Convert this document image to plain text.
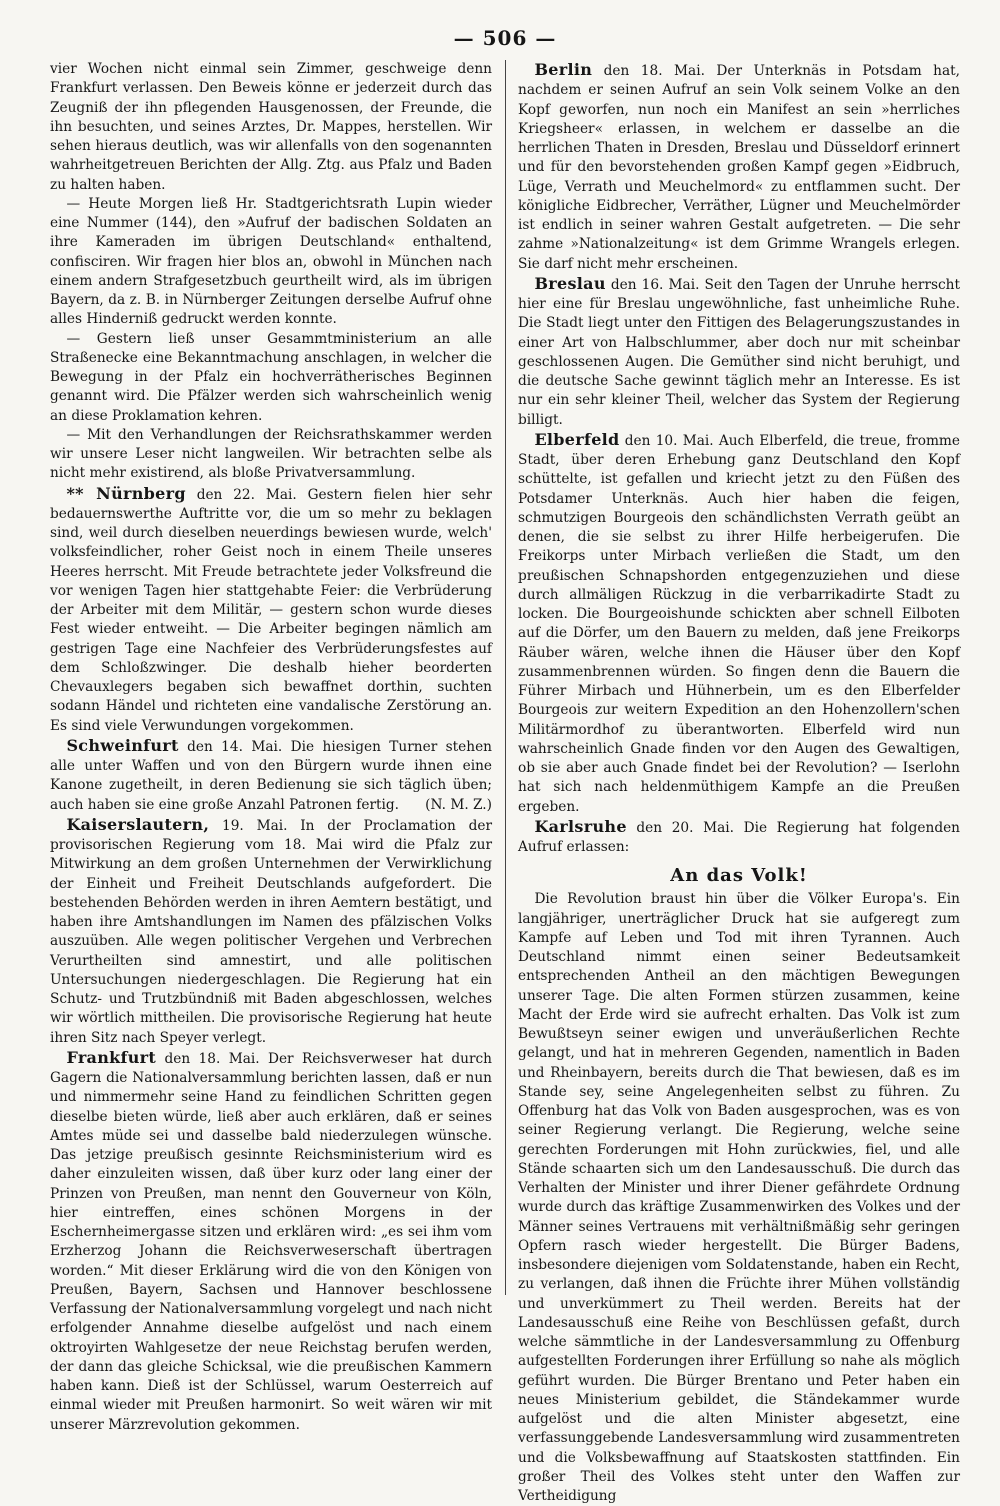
— 506 —

vier Wochen nicht einmal sein Zimmer, geschweige denn Frankfurt verlassen. Den Beweis könne er jederzeit durch das Zeugniß der ihn pflegenden Hausgenossen, der Freunde, die ihn besuchten, und seines Arztes, Dr. Mappes, herstellen. Wir sehen hieraus deutlich, was wir allenfalls von den sogenannten wahrheitgetreuen Berichten der Allg. Ztg. aus Pfalz und Baden zu halten haben.

— Heute Morgen ließ Hr. Stadtgerichtsrath Lupin wieder eine Nummer (144), den »Aufruf der badischen Soldaten an ihre Kameraden im übrigen Deutschland« enthaltend, confisciren. Wir fragen hier blos an, obwohl in München nach einem andern Strafgesetzbuch geurtheilt wird, als im übrigen Bayern, da z. B. in Nürnberger Zeitungen derselbe Aufruf ohne alles Hinderniß gedruckt werden konnte.

— Gestern ließ unser Gesammtministerium an alle Straßenecke eine Bekanntmachung anschlagen, in welcher die Bewegung in der Pfalz ein hochverrätherisches Beginnen genannt wird. Die Pfälzer werden sich wahrscheinlich wenig an diese Proklamation kehren.

— Mit den Verhandlungen der Reichsrathskammer werden wir unsere Leser nicht langweilen. Wir betrachten selbe als nicht mehr existirend, als bloße Privatversammlung.

** Nürnberg den 22. Mai. Gestern fielen hier sehr bedauernswerthe Auftritte vor, die um so mehr zu beklagen sind, weil durch dieselben neuerdings bewiesen wurde, welch' volksfeindlicher, roher Geist noch in einem Theile unseres Heeres herrscht. Mit Freude betrachtete jeder Volksfreund die vor wenigen Tagen hier stattgehabte Feier: die Verbrüderung der Arbeiter mit dem Militär, — gestern schon wurde dieses Fest wieder entweiht. — Die Arbeiter begingen nämlich am gestrigen Tage eine Nachfeier des Verbrüderungsfestes auf dem Schloßzwinger. Die deshalb hieher beorderten Chevauxlegers begaben sich bewaffnet dorthin, suchten sodann Händel und richteten eine vandalische Zerstörung an. Es sind viele Verwundungen vorgekommen.

Schweinfurt den 14. Mai. Die hiesigen Turner stehen alle unter Waffen und von den Bürgern wurde ihnen eine Kanone zugetheilt, in deren Bedienung sie sich täglich üben; auch haben sie eine große Anzahl Patronen fertig.	(N. M. Z.)

Kaiserslautern, 19. Mai. In der Proclamation der provisorischen Regierung vom 18. Mai wird die Pfalz zur Mitwirkung an dem großen Unternehmen der Verwirklichung der Einheit und Freiheit Deutschlands aufgefordert. Die bestehenden Behörden werden in ihren Aemtern bestätigt, und haben ihre Amtshandlungen im Namen des pfälzischen Volks auszuüben. Alle wegen politischer Vergehen und Verbrechen Verurtheilten sind amnestirt, und alle politischen Untersuchungen niedergeschlagen. Die Regierung hat ein Schutz- und Trutzbündniß mit Baden abgeschlossen, welches wir wörtlich mittheilen. Die provisorische Regierung hat heute ihren Sitz nach Speyer verlegt.

Frankfurt den 18. Mai. Der Reichsverweser hat durch Gagern die Nationalversammlung berichten lassen, daß er nun und nimmermehr seine Hand zu feindlichen Schritten gegen dieselbe bieten würde, ließ aber auch erklären, daß er seines Amtes müde sei und dasselbe bald niederzulegen wünsche. Das jetzige preußisch gesinnte Reichsministerium wird es daher einzuleiten wissen, daß über kurz oder lang einer der Prinzen von Preußen, man nennt den Gouverneur von Köln, hier eintreffen, eines schönen Morgens in der Eschernheimergasse sitzen und erklären wird: „es sei ihm vom Erzherzog Johann die Reichsverweserschaft übertragen worden.“ Mit dieser Erklärung wird die von den Königen von Preußen, Bayern, Sachsen und Hannover beschlossene Verfassung der Nationalversammlung vorgelegt und nach nicht erfolgender Annahme dieselbe aufgelöst und nach einem oktroyirten Wahlgesetze der neue Reichstag berufen werden, der dann das gleiche Schicksal, wie die preußischen Kammern haben kann. Dieß ist der Schlüssel, warum Oesterreich auf einmal wieder mit Preußen harmonirt. So weit wären wir mit unserer Märzrevolution gekommen.

Berlin den 18. Mai. Der Unterknäs in Potsdam hat, nachdem er seinen Aufruf an sein Volk seinem Volke an den Kopf geworfen, nun noch ein Manifest an sein »herrliches Kriegsheer« erlassen, in welchem er dasselbe an die herrlichen Thaten in Dresden, Breslau und Düsseldorf erinnert und für den bevorstehenden großen Kampf gegen »Eidbruch, Lüge, Verrath und Meuchelmord« zu entflammen sucht. Der königliche Eidbrecher, Verräther, Lügner und Meuchelmörder ist endlich in seiner wahren Gestalt aufgetreten. — Die sehr zahme »Nationalzeitung« ist dem Grimme Wrangels erlegen. Sie darf nicht mehr erscheinen.

Breslau den 16. Mai. Seit den Tagen der Unruhe herrscht hier eine für Breslau ungewöhnliche, fast unheimliche Ruhe. Die Stadt liegt unter den Fittigen des Belagerungszustandes in einer Art von Halbschlummer, aber doch nur mit scheinbar geschlossenen Augen. Die Gemüther sind nicht beruhigt, und die deutsche Sache gewinnt täglich mehr an Interesse. Es ist nur ein sehr kleiner Theil, welcher das System der Regierung billigt.

Elberfeld den 10. Mai. Auch Elberfeld, die treue, fromme Stadt, über deren Erhebung ganz Deutschland den Kopf schüttelte, ist gefallen und kriecht jetzt zu den Füßen des Potsdamer Unterknäs. Auch hier haben die feigen, schmutzigen Bourgeois den schändlichsten Verrath geübt an denen, die sie selbst zu ihrer Hilfe herbeigerufen. Die Freikorps unter Mirbach verließen die Stadt, um den preußischen Schnapshorden entgegenzuziehen und diese durch allmäligen Rückzug in die verbarrikadirte Stadt zu locken. Die Bourgeoishunde schickten aber schnell Eilboten auf die Dörfer, um den Bauern zu melden, daß jene Freikorps Räuber wären, welche ihnen die Häuser über den Kopf zusammenbrennen würden. So fingen denn die Bauern die Führer Mirbach und Hühnerbein, um es den Elberfelder Bourgeois zur weitern Expedition an den Hohenzollern'schen Militärmordhof zu überantworten. Elberfeld wird nun wahrscheinlich Gnade finden vor den Augen des Gewaltigen, ob sie aber auch Gnade findet bei der Revolution? — Iserlohn hat sich nach heldenmüthigem Kampfe an die Preußen ergeben.

Karlsruhe den 20. Mai. Die Regierung hat folgenden Aufruf erlassen:

An das Volk!

Die Revolution braust hin über die Völker Europa's. Ein langjähriger, unerträglicher Druck hat sie aufgeregt zum Kampfe auf Leben und Tod mit ihren Tyrannen. Auch Deutschland nimmt einen seiner Bedeutsamkeit entsprechenden Antheil an den mächtigen Bewegungen unserer Tage. Die alten Formen stürzen zusammen, keine Macht der Erde wird sie aufrecht erhalten. Das Volk ist zum Bewußtseyn seiner ewigen und unveräußerlichen Rechte gelangt, und hat in mehreren Gegenden, namentlich in Baden und Rheinbayern, bereits durch die That bewiesen, daß es im Stande sey, seine Angelegenheiten selbst zu führen. Zu Offenburg hat das Volk von Baden ausgesprochen, was es von seiner Regierung verlangt. Die Regierung, welche seine gerechten Forderungen mit Hohn zurückwies, fiel, und alle Stände schaarten sich um den Landesausschuß. Die durch das Verhalten der Minister und ihrer Diener gefährdete Ordnung wurde durch das kräftige Zusammenwirken des Volkes und der Männer seines Vertrauens mit verhältnißmäßig sehr geringen Opfern rasch wieder hergestellt. Die Bürger Badens, insbesondere diejenigen vom Soldatenstande, haben ein Recht, zu verlangen, daß ihnen die Früchte ihrer Mühen vollständig und unverkümmert zu Theil werden. Bereits hat der Landesausschuß eine Reihe von Beschlüssen gefaßt, durch welche sämmtliche in der Landesversammlung zu Offenburg aufgestellten Forderungen ihrer Erfüllung so nahe als möglich geführt wurden. Die Bürger Brentano und Peter haben ein neues Ministerium gebildet, die Ständekammer wurde aufgelöst und die alten Minister abgesetzt, eine verfassunggebende Landesversammlung wird zusammentreten und die Volksbewaffnung auf Staatskosten stattfinden. Ein großer Theil des Volkes steht unter den Waffen zur Vertheidigung
